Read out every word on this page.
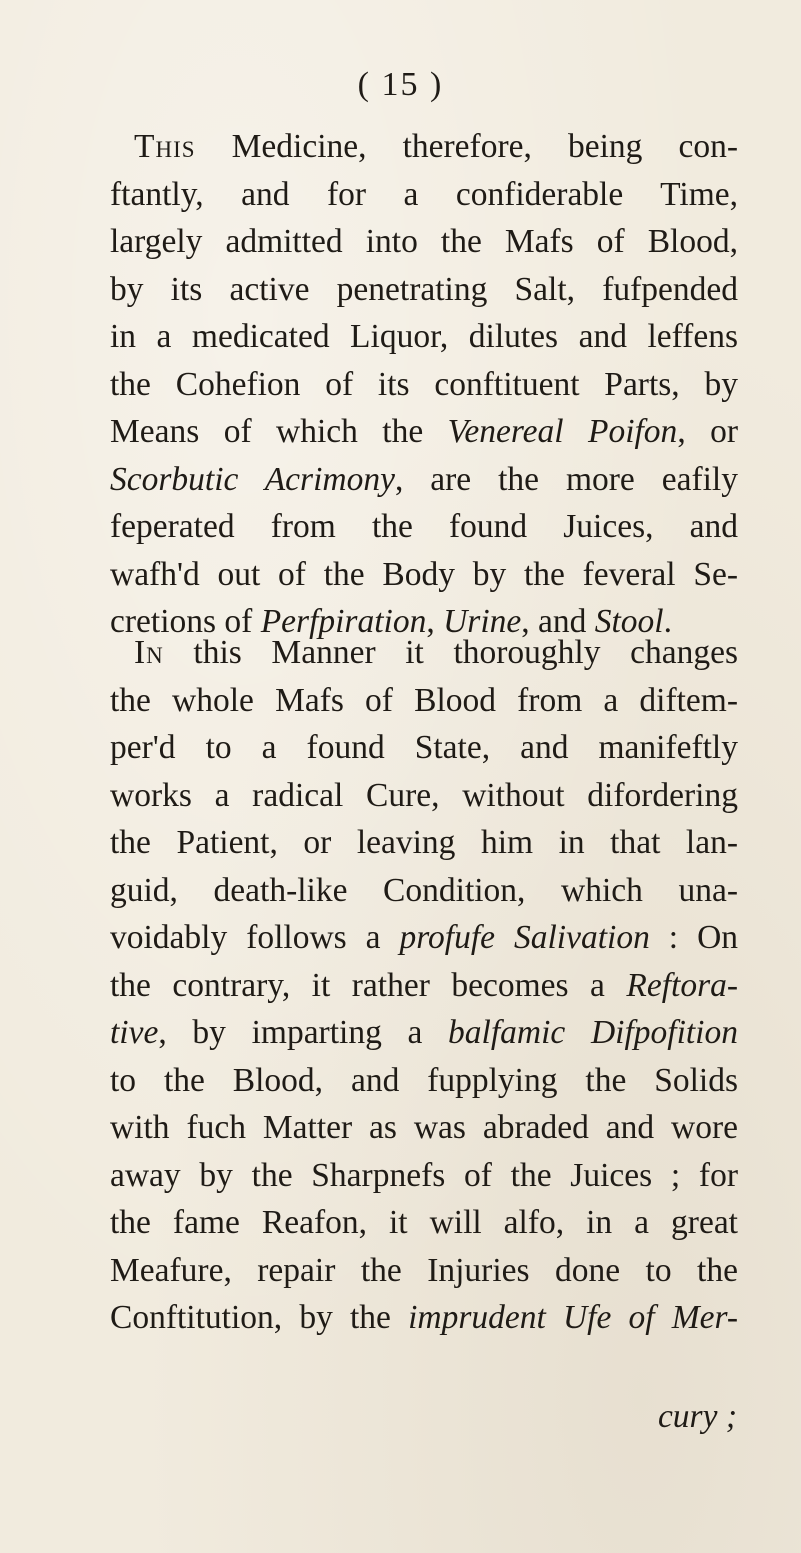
( 15 )
This Medicine, therefore, being con-
ftantly, and for a confiderable Time,
largely admitted into the Mafs of Blood,
by its active penetrating Salt, fufpended
in a medicated Liquor, dilutes and leffens
the Cohefion of its conftituent Parts, by
Means of which the Venereal Poifon, or
Scorbutic Acrimony, are the more eafily
feperated from the found Juices, and
wafh'd out of the Body by the feveral Se-
cretions of Perfpiration, Urine, and Stool.
In this Manner it thoroughly changes
the whole Mafs of Blood from a diftem-
per'd to a found State, and manifeftly
works a radical Cure, without difordering
the Patient, or leaving him in that lan-
guid, death-like Condition, which una-
voidably follows a profufe Salivation : On
the contrary, it rather becomes a Reftora-
tive, by imparting a balfamic Difpofition
to the Blood, and fupplying the Solids
with fuch Matter as was abraded and wore
away by the Sharpnefs of the Juices ; for
the fame Reafon, it will alfo, in a great
Meafure, repair the Injuries done to the
Conftitution, by the imprudent Ufe of Mer-
cury ;
